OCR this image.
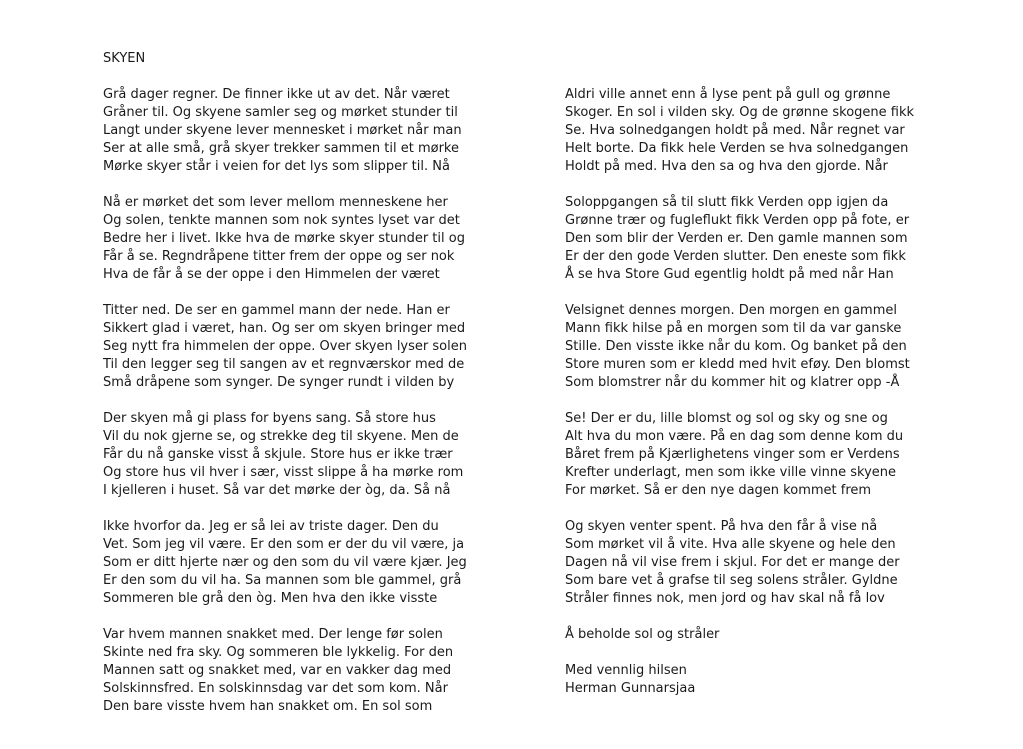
SKYEN
Grå dager regner. De finner ikke ut av det. Når været
Gråner til. Og skyene samler seg og mørket stunder til
Langt under skyene lever mennesket i mørket når man
Ser at alle små, grå skyer trekker sammen til et mørke
Mørke skyer står i veien for det lys som slipper til. Nå
Nå er mørket det som lever mellom menneskene her
Og solen, tenkte mannen som nok syntes lyset var det
Bedre her i livet. Ikke hva de mørke skyer stunder til og
Får å se. Regndråpene titter frem der oppe og ser nok
Hva de får å se der oppe i den Himmelen der været
Titter ned. De ser en gammel mann der nede. Han er
Sikkert glad i været, han. Og ser om skyen bringer med
Seg nytt fra himmelen der oppe. Over skyen lyser solen
Til den legger seg til sangen av et regnværskor med de
Små dråpene som synger. De synger rundt i vilden by
Der skyen må gi plass for byens sang. Så store hus
Vil du nok gjerne se, og strekke deg til skyene. Men de
Får du nå ganske visst å skjule. Store hus er ikke trær
Og store hus vil hver i sær, visst slippe å ha mørke rom
I kjelleren i huset. Så var det mørke der òg, da. Så nå
Ikke hvorfor da. Jeg er så lei av triste dager. Den du
Vet. Som jeg vil være. Er den som er der du vil være, ja
Som er ditt hjerte nær og den som du vil være kjær. Jeg
Er den som du vil ha. Sa mannen som ble gammel, grå
Sommeren ble grå den òg. Men hva den ikke visste
Var hvem mannen snakket med. Der lenge før solen
Skinte ned fra sky. Og sommeren ble lykkelig. For den
Mannen satt og snakket med, var en vakker dag med
Solskinnsfred. En solskinnsdag var det som kom. Når
Den bare visste hvem han snakket om. En sol som
Aldri ville annet enn å lyse pent på gull og grønne
Skoger. En sol i vilden sky. Og de grønne skogene fikk
Se. Hva solnedgangen holdt på med. Når regnet var
Helt borte. Da fikk hele Verden se hva solnedgangen
Holdt på med. Hva den sa og hva den gjorde. Når
Soloppgangen så til slutt fikk Verden opp igjen da
Grønne trær og fugleflukt fikk Verden opp på fote, er
Den som blir der Verden er. Den gamle mannen som
Er der den gode Verden slutter. Den eneste som fikk
Å se hva Store Gud egentlig holdt på med når Han
Velsignet dennes morgen. Den morgen en gammel
Mann fikk hilse på en morgen som til da var ganske
Stille. Den visste ikke når du kom. Og banket på den
Store muren som er kledd med hvit eføy. Den blomst
Som blomstrer når du kommer hit og klatrer opp -Å
Se! Der er du, lille blomst og sol og sky og sne og
Alt hva du mon være. På en dag som denne kom du
Båret frem på Kjærlighetens vinger som er Verdens
Krefter underlagt, men som ikke ville vinne skyene
For mørket. Så er den nye dagen kommet frem
Og skyen venter spent. På hva den får å vise nå
Som mørket vil å vite. Hva alle skyene og hele den
Dagen nå vil vise frem i skjul. For det er mange der
Som bare vet å grafse til seg solens stråler. Gyldne
Stråler finnes nok, men jord og hav skal nå få lov
Å beholde sol og stråler
Med vennlig hilsen
Herman Gunnarsjaa
